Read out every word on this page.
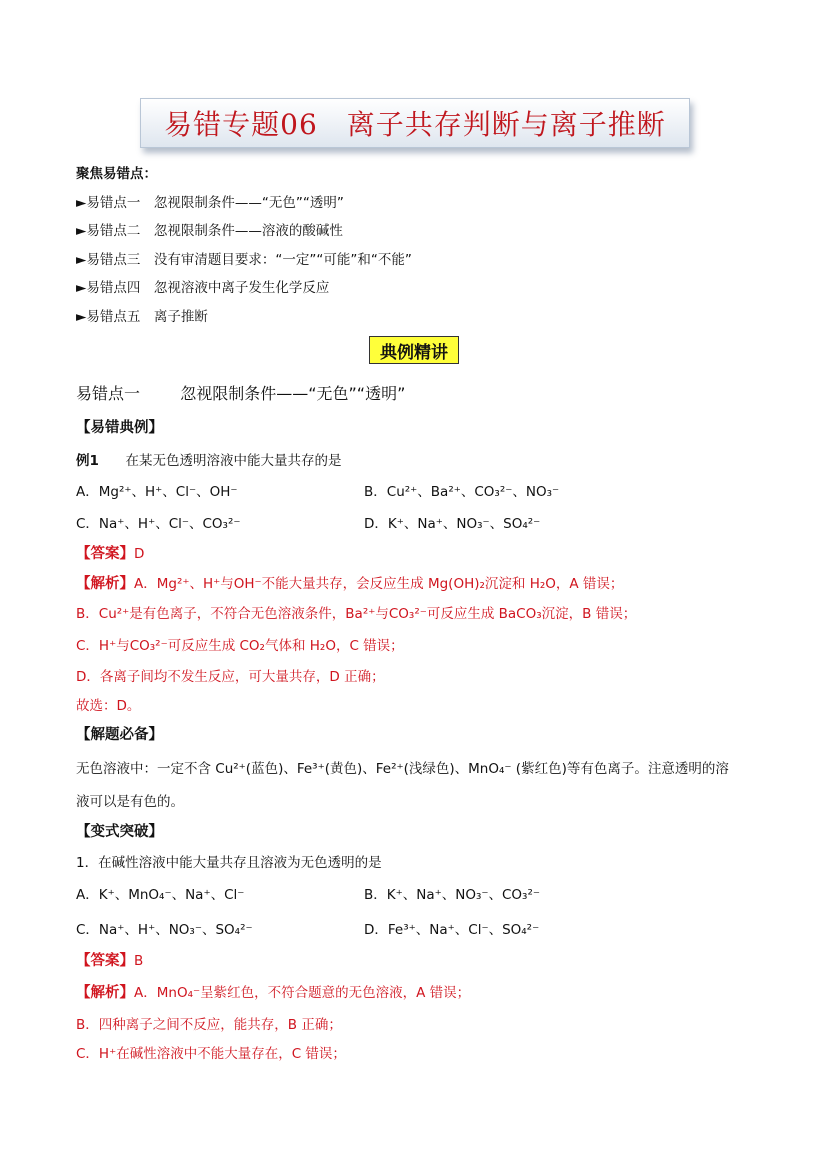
易错专题06　离子共存判断与离子推断
聚焦易错点：
►易错点一　忽视限制条件——“无色”“透明”
►易错点二　忽视限制条件——溶液的酸碱性
►易错点三　没有审清题目要求：“一定”“可能”和“不能”
►易错点四　忽视溶液中离子发生化学反应
►易错点五　离子推断
典例精讲
易错点一	忽视限制条件——“无色”“透明”
【易错典例】
例1 在某无色透明溶液中能大量共存的是
A．Mg²⁺、H⁺、Cl⁻、OH⁻	B．Cu²⁺、Ba²⁺、CO₃²⁻、NO₃⁻
C．Na⁺、H⁺、Cl⁻、CO₃²⁻	D．K⁺、Na⁺、NO₃⁻、SO₄²⁻
【答案】D
【解析】A．Mg²⁺、H⁺与OH⁻不能大量共存，会反应生成 Mg(OH)₂沉淀和 H₂O，A 错误；
B．Cu²⁺是有色离子，不符合无色溶液条件，Ba²⁺与CO₃²⁻可反应生成 BaCO₃沉淀，B 错误；
C．H⁺与CO₃²⁻可反应生成 CO₂气体和 H₂O，C 错误；
D．各离子间均不发生反应，可大量共存，D 正确；
故选：D。
【解题必备】
无色溶液中：一定不含 Cu²⁺(蓝色)、Fe³⁺(黄色)、Fe²⁺(浅绿色)、MnO₄⁻ (紫红色)等有色离子。注意透明的溶
液可以是有色的。
【变式突破】
1．在碱性溶液中能大量共存且溶液为无色透明的是
A．K⁺、MnO₄⁻、Na⁺、Cl⁻	B．K⁺、Na⁺、NO₃⁻、CO₃²⁻
C．Na⁺、H⁺、NO₃⁻、SO₄²⁻	D．Fe³⁺、Na⁺、Cl⁻、SO₄²⁻
【答案】B
【解析】A．MnO₄⁻呈紫红色，不符合题意的无色溶液，A 错误；
B．四种离子之间不反应，能共存，B 正确；
C．H⁺在碱性溶液中不能大量存在，C 错误；
